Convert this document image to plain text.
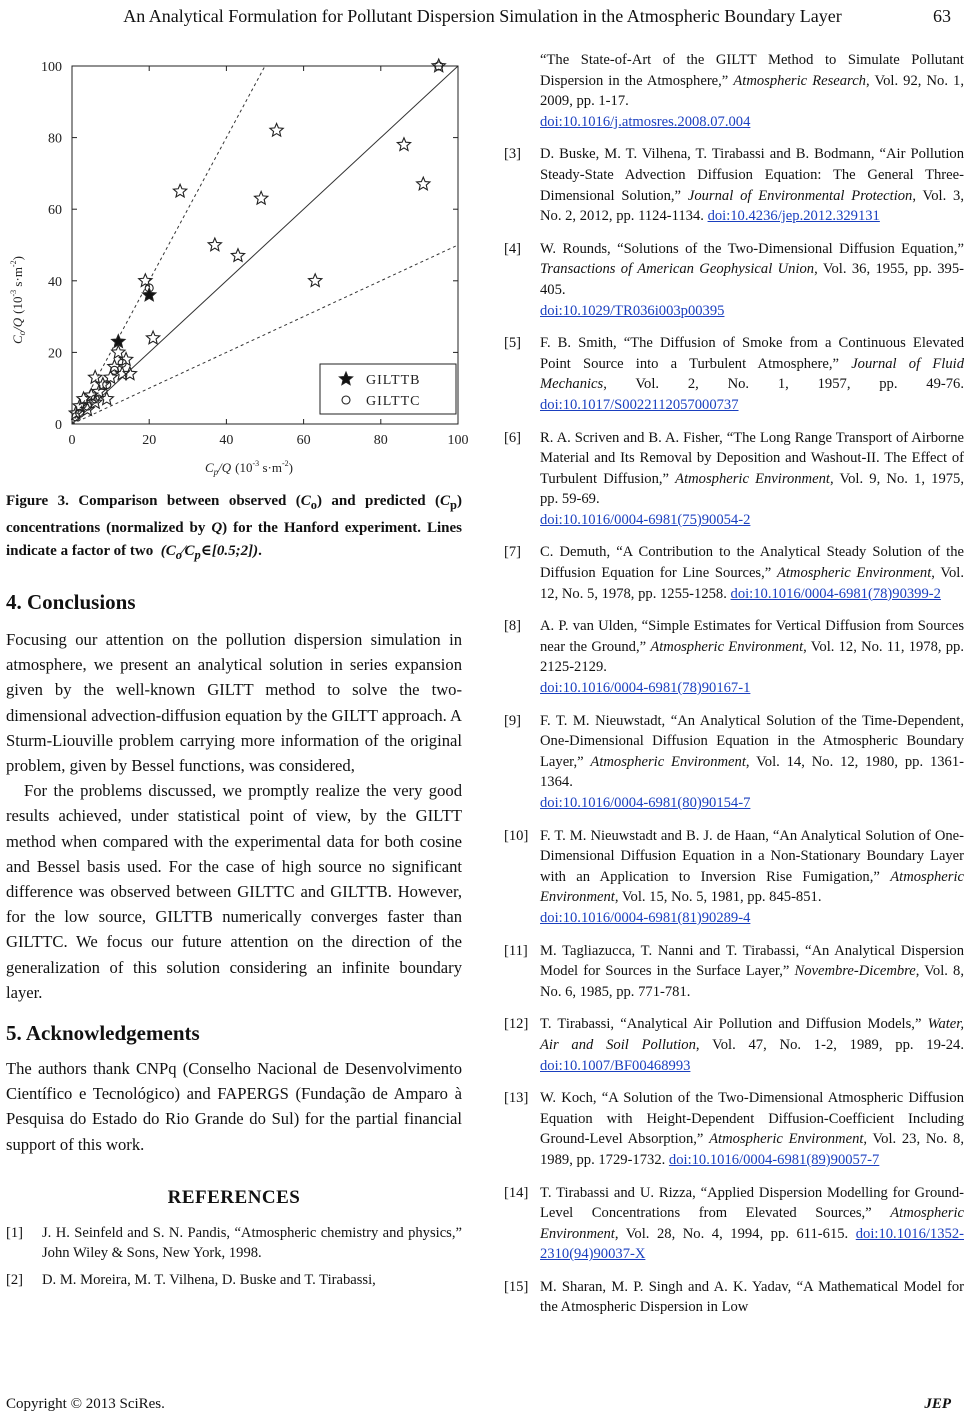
An Analytical Formulation for Pollutant Dispersion Simulation in the Atmospheric Boundary Layer	63
0	20	40	60	80	100
0
20
40
60
80
100
GILTTB
GILTTC
$C_p/Q$ ($10^{-3}$ $s\cdot m^{-2}$)
$C_o/Q(10^{-3}$ $s\cdot m^{-2}$)
Figure 3. Comparison between observed $(C_o)$ and predicted $(C_p)$ concentrations (normalized by Q) for the Hanford experiment. Lines indicate a factor of two  $(C_o⁄C_p\in[0.5;2])$.
4. Conclusions

Focusing our attention on the pollution dispersion simulation in atmosphere, we present an analytical solution in series expansion given by the well-known GILTT method to solve the two-dimensional advection-diffusion equation by the GILTT approach. A Sturm-Liouville problem carrying more information of the original problem, given by Bessel functions, was considered,

For the problems discussed, we promptly realize the very good results achieved, under statistical point of view, by the GILTT method when compared with the experimental data for both cosine and Bessel basis used. For the case of high source no significant difference was observed between GILTTC and GILTTB. However, for the low source, GILTTB numerically converges faster than GILTTC. We focus our future attention on the direction of the generalization of this solution considering an infinite boundary layer.

5. Acknowledgements

The authors thank CNPq (Conselho Nacional de Desenvolvimento Científico e Tecnológico) and FAPERGS (Fundação de Amparo à Pesquisa do Estado do Rio Grande do Sul) for the partial financial support of this work.

REFERENCES
[1]	J. H. Seinfeld and S. N. Pandis, “Atmospheric chemistry and physics,” John Wiley & Sons, New York, 1998.
[2]	D. M. Moreira, M. T. Vilhena, D. Buske and T. Tirabassi,
“The State-of-Art of the GILTT Method to Simulate Pollutant Dispersion in the Atmosphere,” Atmospheric Research, Vol. 92, No. 1, 2009, pp. 1-17.
doi:10.1016/j.atmosres.2008.07.004
[3]	D. Buske, M. T. Vilhena, T. Tirabassi and B. Bodmann, “Air Pollution Steady-State Advection Diffusion Equation: The General Three-Dimensional Solution,” Journal of Environmental Protection, Vol. 3, No. 2, 2012, pp. 1124-1134. doi:10.4236/jep.2012.329131
[4]	W. Rounds, “Solutions of the Two-Dimensional Diffusion Equation,” Transactions of American Geophysical Union, Vol. 36, 1955, pp. 395-405.
doi:10.1029/TR036i003p00395
[5]	F. B. Smith, “The Diffusion of Smoke from a Continuous Elevated Point Source into a Turbulent Atmosphere,” Journal of Fluid Mechanics, Vol. 2, No. 1, 1957, pp. 49-76. doi:10.1017/S0022112057000737
[6]	R. A. Scriven and B. A. Fisher, “The Long Range Transport of Airborne Material and Its Removal by Deposition and Washout-II. The Effect of Turbulent Diffusion,” Atmospheric Environment, Vol. 9, No. 1, 1975, pp. 59-69.
doi:10.1016/0004-6981(75)90054-2
[7]	C. Demuth, “A Contribution to the Analytical Steady Solution of the Diffusion Equation for Line Sources,” Atmospheric Environment, Vol. 12, No. 5, 1978, pp. 1255-1258. doi:10.1016/0004-6981(78)90399-2
[8]	A. P. van Ulden, “Simple Estimates for Vertical Diffusion from Sources near the Ground,” Atmospheric Environment, Vol. 12, No. 11, 1978, pp. 2125-2129.
doi:10.1016/0004-6981(78)90167-1
[9]	F. T. M. Nieuwstadt, “An Analytical Solution of the Time-Dependent, One-Dimensional Diffusion Equation in the Atmospheric Boundary Layer,” Atmospheric Environment, Vol. 14, No. 12, 1980, pp. 1361-1364.
doi:10.1016/0004-6981(80)90154-7
[10] F. T. M. Nieuwstadt and B. J. de Haan, “An Analytical Solution of One-Dimensional Diffusion Equation in a Non-Stationary Boundary Layer with an Application to Inversion Rise Fumigation,” Atmospheric Environment, Vol. 15, No. 5, 1981, pp. 845-851.
doi:10.1016/0004-6981(81)90289-4
[11] M. Tagliazucca, T. Nanni and T. Tirabassi, “An Analytical Dispersion Model for Sources in the Surface Layer,” Novembre-Dicembre, Vol. 8, No. 6, 1985, pp. 771-781.
[12] T. Tirabassi, “Analytical Air Pollution and Diffusion Models,” Water, Air and Soil Pollution, Vol. 47, No. 1-2, 1989, pp. 19-24. doi:10.1007/BF00468993
[13] W. Koch, “A Solution of the Two-Dimensional Atmospheric Diffusion Equation with Height-Dependent Diffusion-Coefficient Including Ground-Level Absorption,” Atmospheric Environment, Vol. 23, No. 8, 1989, pp. 1729-1732. doi:10.1016/0004-6981(89)90057-7
[14] T. Tirabassi and U. Rizza, “Applied Dispersion Modelling for Ground-Level Concentrations from Elevated Sources,” Atmospheric Environment, Vol. 28, No. 4, 1994, pp. 611-615. doi:10.1016/1352-2310(94)90037-X
[15] M. Sharan, M. P. Singh and A. K. Yadav, “A Mathematical Model for the Atmospheric Dispersion in Low
Copyright © 2013 SciRes.	JEP
